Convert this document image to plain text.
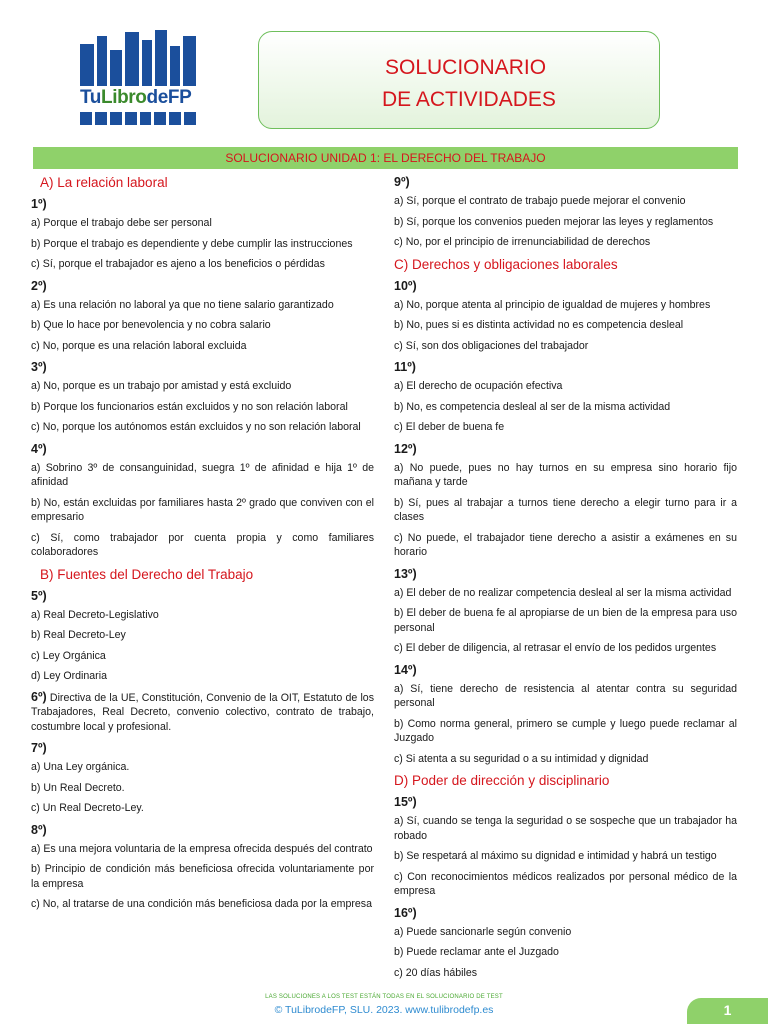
TuLibrodeFP
SOLUCIONARIO
DE ACTIVIDADES
SOLUCIONARIO UNIDAD 1: EL DERECHO DEL TRABAJO
A) La relación laboral
1º)
a) Porque el trabajo debe ser personal
b) Porque el trabajo es dependiente y debe cumplir las instrucciones
c) Sí, porque el trabajador es ajeno a los beneficios o pérdidas
2º)
a) Es una relación no laboral ya que no tiene salario garantizado
b) Que lo hace por benevolencia y no cobra salario
c) No, porque es una relación laboral excluida
3º)
a) No, porque es un trabajo por amistad y está excluido
b) Porque los funcionarios están excluidos y no son relación laboral
c) No, porque los autónomos están excluidos y no son relación laboral
4º)
a) Sobrino 3º de consanguinidad, suegra 1º de afinidad e hija 1º de afinidad
b) No, están excluidas por familiares hasta 2º grado que conviven con el empresario
c) Sí, como trabajador por cuenta propia y como familiares colaboradores
B) Fuentes del Derecho del Trabajo
5º)
a) Real Decreto-Legislativo
b) Real Decreto-Ley
c) Ley Orgánica
d) Ley Ordinaria
6º) Directiva de la UE, Constitución, Convenio de la OIT, Estatuto de los Trabajadores, Real Decreto, convenio colectivo, contrato de trabajo, costumbre local y profesional.
7º)
a) Una Ley orgánica.
b) Un Real Decreto.
c) Un Real Decreto-Ley.
8º)
a) Es una mejora voluntaria de la empresa ofrecida después del contrato
b) Principio de condición más beneficiosa ofrecida voluntariamente por la empresa
c) No, al tratarse de una condición más beneficiosa dada por la empresa
9º)
a) Sí, porque el contrato de trabajo puede mejorar el convenio
b) Sí, porque los convenios pueden mejorar las leyes y reglamentos
c) No, por el principio de irrenunciabilidad de derechos
C) Derechos y obligaciones laborales
10º)
a) No, porque atenta al principio de igualdad de mujeres y hombres
b) No, pues si es distinta actividad no es competencia desleal
c) Sí, son dos obligaciones del trabajador
11º)
a) El derecho de ocupación efectiva
b) No, es competencia desleal al ser de la misma actividad
c) El deber de buena fe
12º)
a) No puede, pues no hay turnos en su empresa sino horario fijo mañana y tarde
b) Sí, pues al trabajar a turnos tiene derecho a elegir turno para ir a clases
c) No puede, el trabajador tiene derecho a asistir a exámenes en su horario
13º)
a) El deber de no realizar competencia desleal al ser la misma actividad
b) El deber de buena fe al apropiarse de un bien de la empresa para uso personal
c) El deber de diligencia, al retrasar el envío de los pedidos urgentes
14º)
a) Sí, tiene derecho de resistencia al atentar contra su seguridad personal
b) Como norma general, primero se cumple y luego puede reclamar al Juzgado
c) Si atenta a su seguridad o a su intimidad y dignidad
D) Poder de dirección y disciplinario
15º)
a) Sí, cuando se tenga la seguridad o se sospeche que un trabajador ha robado
b) Se respetará al máximo su dignidad e intimidad y habrá un testigo
c) Con reconocimientos médicos realizados por personal médico de la empresa
16º)
a) Puede sancionarle según convenio
b) Puede reclamar ante el Juzgado
c) 20 días hábiles
LAS SOLUCIONES A LOS TEST ESTÁN TODAS EN EL SOLUCIONARIO DE TEST
© TuLibrodeFP, SLU. 2023. www.tulibrodefp.es	1
